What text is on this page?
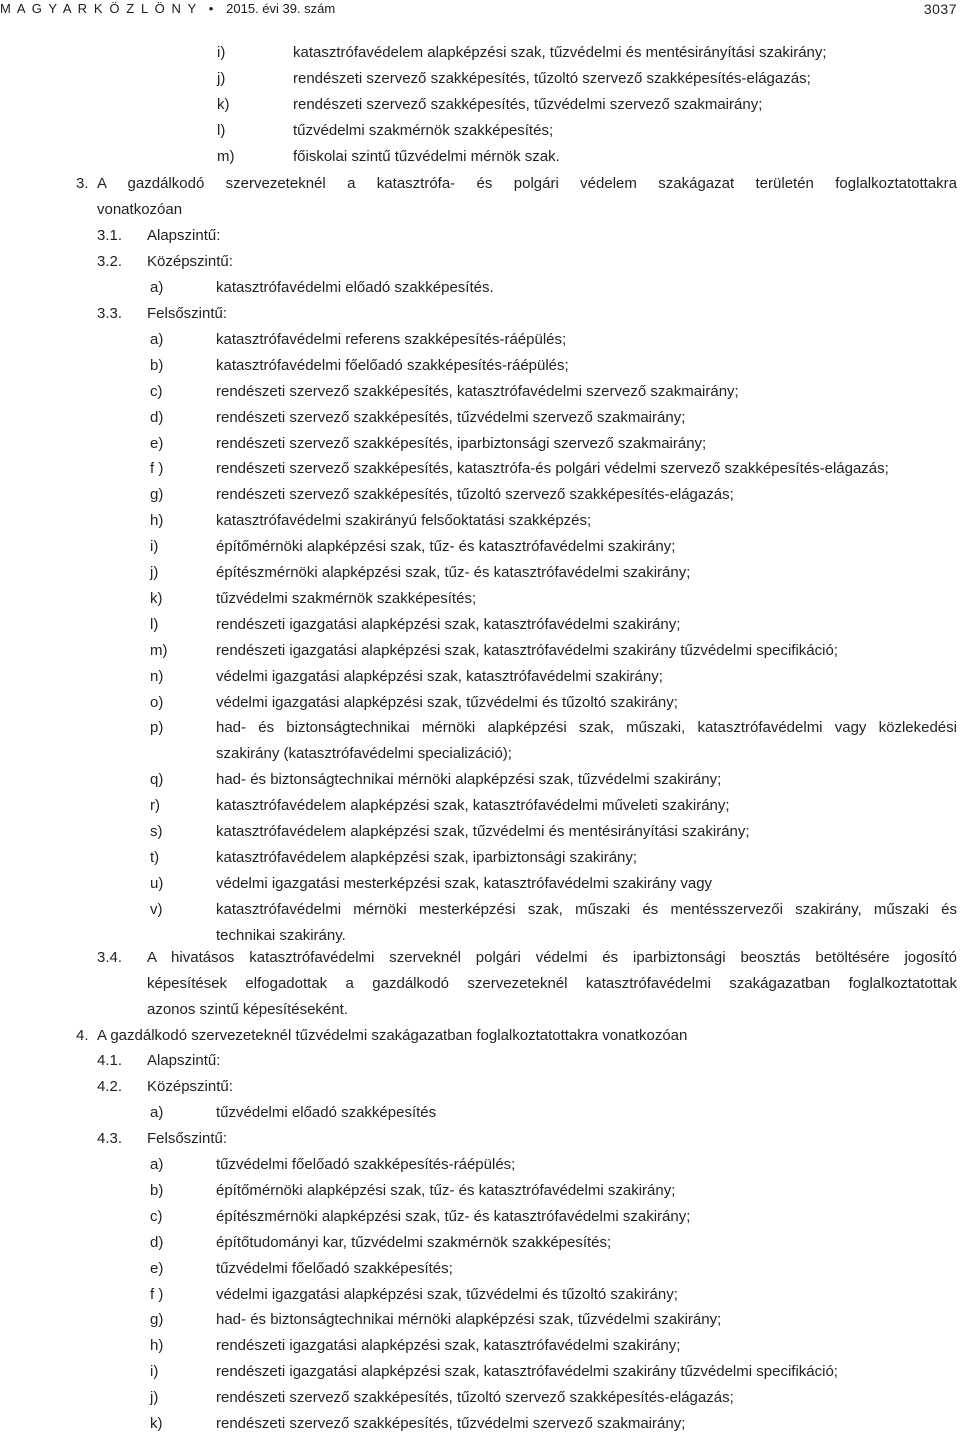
M A G Y A R K Ö Z L Ö N Y • 2015. évi 39. szám	3037
i)	katasztrófavédelem alapképzési szak, tűzvédelmi és mentésirányítási szakirány;
j)	rendészeti szervező szakképesítés, tűzoltó szervező szakképesítés-elágazás;
k)	rendészeti szervező szakképesítés, tűzvédelmi szervező szakmairány;
l)	tűzvédelmi szakmérnök szakképesítés;
m)	főiskolai szintű tűzvédelmi mérnök szak.
3. A gazdálkodó szervezeteknél a katasztrófa- és polgári védelem szakágazat területén foglalkoztatottakra
vonatkozóan
3.1. Alapszintű:
3.2. Középszintű:
a)	katasztrófavédelmi előadó szakképesítés.
3.3. Felsőszintű:
a)	katasztrófavédelmi referens szakképesítés-ráépülés;
b)	katasztrófavédelmi főelőadó szakképesítés-ráépülés;
c)	rendészeti szervező szakképesítés, katasztrófavédelmi szervező szakmairány;
d)	rendészeti szervező szakképesítés, tűzvédelmi szervező szakmairány;
e)	rendészeti szervező szakképesítés, iparbiztonsági szervező szakmairány;
f )	rendészeti szervező szakképesítés, katasztrófa-és polgári védelmi szervező szakképesítés-elágazás;
g)	rendészeti szervező szakképesítés, tűzoltó szervező szakképesítés-elágazás;
h)	katasztrófavédelmi szakirányú felsőoktatási szakképzés;
i)	építőmérnöki alapképzési szak, tűz- és katasztrófavédelmi szakirány;
j)	építészmérnöki alapképzési szak, tűz- és katasztrófavédelmi szakirány;
k)	tűzvédelmi szakmérnök szakképesítés;
l)	rendészeti igazgatási alapképzési szak, katasztrófavédelmi szakirány;
m)	rendészeti igazgatási alapképzési szak, katasztrófavédelmi szakirány tűzvédelmi specifikáció;
n)	védelmi igazgatási alapképzési szak, katasztrófavédelmi szakirány;
o)	védelmi igazgatási alapképzési szak, tűzvédelmi és tűzoltó szakirány;
p)	had- és biztonságtechnikai mérnöki alapképzési szak, műszaki, katasztrófavédelmi vagy közlekedési
szakirány (katasztrófavédelmi specializáció);
q)	had- és biztonságtechnikai mérnöki alapképzési szak, tűzvédelmi szakirány;
r)	katasztrófavédelem alapképzési szak, katasztrófavédelmi műveleti szakirány;
s)	katasztrófavédelem alapképzési szak, tűzvédelmi és mentésirányítási szakirány;
t)	katasztrófavédelem alapképzési szak, iparbiztonsági szakirány;
u)	védelmi igazgatási mesterképzési szak, katasztrófavédelmi szakirány vagy
v)	katasztrófavédelmi mérnöki mesterképzési szak, műszaki és mentésszervezői szakirány, műszaki és
technikai szakirány.
3.4. A hivatásos katasztrófavédelmi szerveknél polgári védelmi és iparbiztonsági beosztás betöltésére jogosító
képesítések elfogadottak a gazdálkodó szervezeteknél katasztrófavédelmi szakágazatban foglalkoztatottak
azonos szintű képesítéseként.
4. A gazdálkodó szervezeteknél tűzvédelmi szakágazatban foglalkoztatottakra vonatkozóan
4.1. Alapszintű:
4.2. Középszintű:
a)	tűzvédelmi előadó szakképesítés
4.3. Felsőszintű:
a)	tűzvédelmi főelőadó szakképesítés-ráépülés;
b)	építőmérnöki alapképzési szak, tűz- és katasztrófavédelmi szakirány;
c)	építészmérnöki alapképzési szak, tűz- és katasztrófavédelmi szakirány;
d)	építőtudományi kar, tűzvédelmi szakmérnök szakképesítés;
e)	tűzvédelmi főelőadó szakképesítés;
f )	védelmi igazgatási alapképzési szak, tűzvédelmi és tűzoltó szakirány;
g)	had- és biztonságtechnikai mérnöki alapképzési szak, tűzvédelmi szakirány;
h)	rendészeti igazgatási alapképzési szak, katasztrófavédelmi szakirány;
i)	rendészeti igazgatási alapképzési szak, katasztrófavédelmi szakirány tűzvédelmi specifikáció;
j)	rendészeti szervező szakképesítés, tűzoltó szervező szakképesítés-elágazás;
k)	rendészeti szervező szakképesítés, tűzvédelmi szervező szakmairány;
